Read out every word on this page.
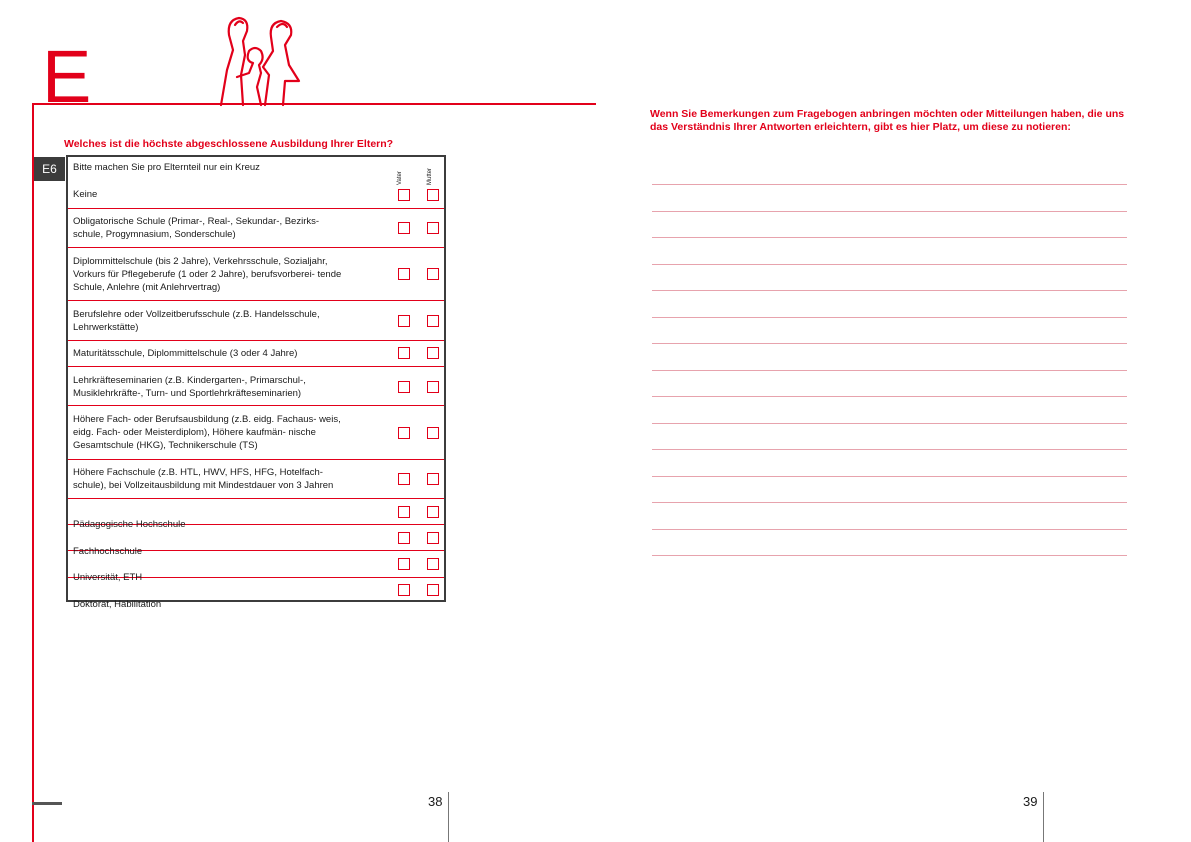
E
Welches ist die höchste abgeschlossene Ausbildung Ihrer Eltern?
E6	Bitte machen Sie pro Elternteil nur ein Kreuz
Vater	Mutter
Keine
Obligatorische Schule (Primar-, Real-, Sekundar-, Bezirks- schule, Progymnasium, Sonderschule)
Diplommittelschule (bis 2 Jahre), Verkehrsschule, Sozialjahr, Vorkurs für Pflegeberufe (1 oder 2 Jahre), berufsvorberei- tende Schule, Anlehre (mit Anlehrvertrag)
Berufslehre oder Vollzeitberufsschule (z.B. Handelsschule, Lehrwerkstätte)
Maturitätsschule, Diplommittelschule (3 oder 4 Jahre)
Lehrkräfteseminarien (z.B. Kindergarten-, Primarschul-, Musiklehrkräfte-, Turn- und Sportlehrkräfteseminarien)
Höhere Fach- oder Berufsausbildung (z.B. eidg. Fachaus- weis, eidg. Fach- oder Meisterdiplom), Höhere kaufmän- nische Gesamtschule (HKG), Technikerschule (TS)
Höhere Fachschule (z.B. HTL, HWV, HFS, HFG, Hotelfach- schule), bei Vollzeitausbildung mit Mindestdauer von 3 Jahren
Pädagogische Hochschule
Fachhochschule
Universität, ETH
Doktorat, Habilitation
38
Wenn Sie Bemerkungen zum Fragebogen anbringen möchten oder Mitteilungen haben, die uns das Verständnis Ihrer Antworten erleichtern, gibt es hier Platz, um diese zu notieren:
39
